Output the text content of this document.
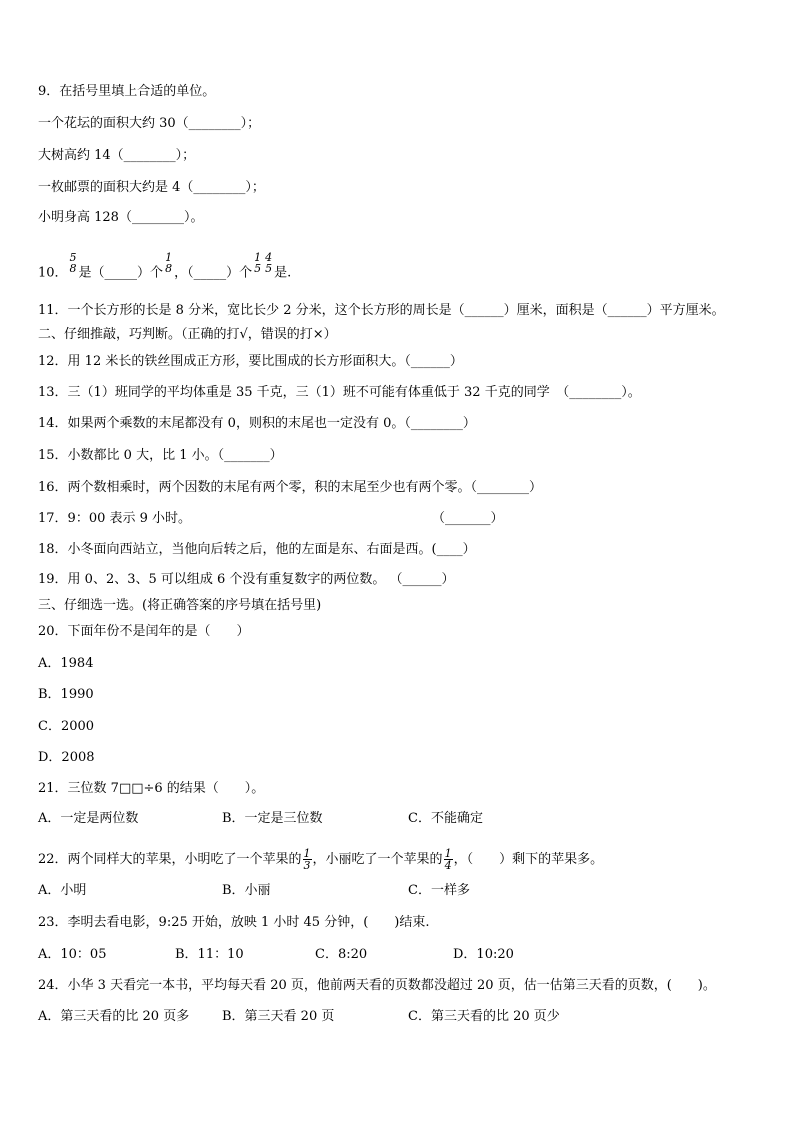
9．在括号里填上合适的单位。
一个花坛的面积大约 30（________）；
大树高约 14（________）；
一枚邮票的面积大约是 4（________）；
小明身高 128（________）。
10．
5
8 是（_____）个
1
8 ，（_____）个
1
5
4
5 是.
11．一个长方形的长是 8 分米，宽比长少 2 分米，这个长方形的周长是（______）厘米，面积是（______）平方厘米。
二、仔细推敲，巧判断。（正确的打√，错误的打×）
12．用 12 米长的铁丝围成正方形，要比围成的长方形面积大。（______）
13．三（1）班同学的平均体重是 35 千克，三（1）班不可能有体重低于 32 千克的同学　（________）。
14．如果两个乘数的末尾都没有 0，则积的末尾也一定没有 0。（________）
15．小数都比 0 大，比 1 小。（_______）
16．两个数相乘时，两个因数的末尾有两个零，积的末尾至少也有两个零。（________）
17．9：00 表示 9 小时。	（_______）
18．小冬面向西站立，当他向后转之后，他的左面是东、右面是西。(____）
19．用 0、2、3、5 可以组成 6 个没有重复数字的两位数。 （______）
三、仔细选一选。(将正确答案的序号填在括号里)
20．下面年份不是闰年的是（　　）
A．1984
B．1990
C．2000
D．2008
21．三位数 7□□÷6 的结果（　　）。
A．一定是两位数	B．一定是三位数	C．不能确定
22．两个同样大的苹果，小明吃了一个苹果的 $\frac{1}{3}$ ，小丽吃了一个苹果的 $\frac{1}{4}$ ，（　　）剩下的苹果多。
A．小明	B．小丽	C．一样多
23．李明去看电影，9:25 开始，放映 1 小时 45 分钟，(　　)结束.
A．10：05	B．11：10	C．8:20	D．10:20
24．小华 3 天看完一本书，平均每天看 20 页，他前两天看的页数都没超过 20 页，估一估第三天看的页数，(　　)。
A．第三天看的比 20 页多	B．第三天看 20 页	C．第三天看的比 20 页少
